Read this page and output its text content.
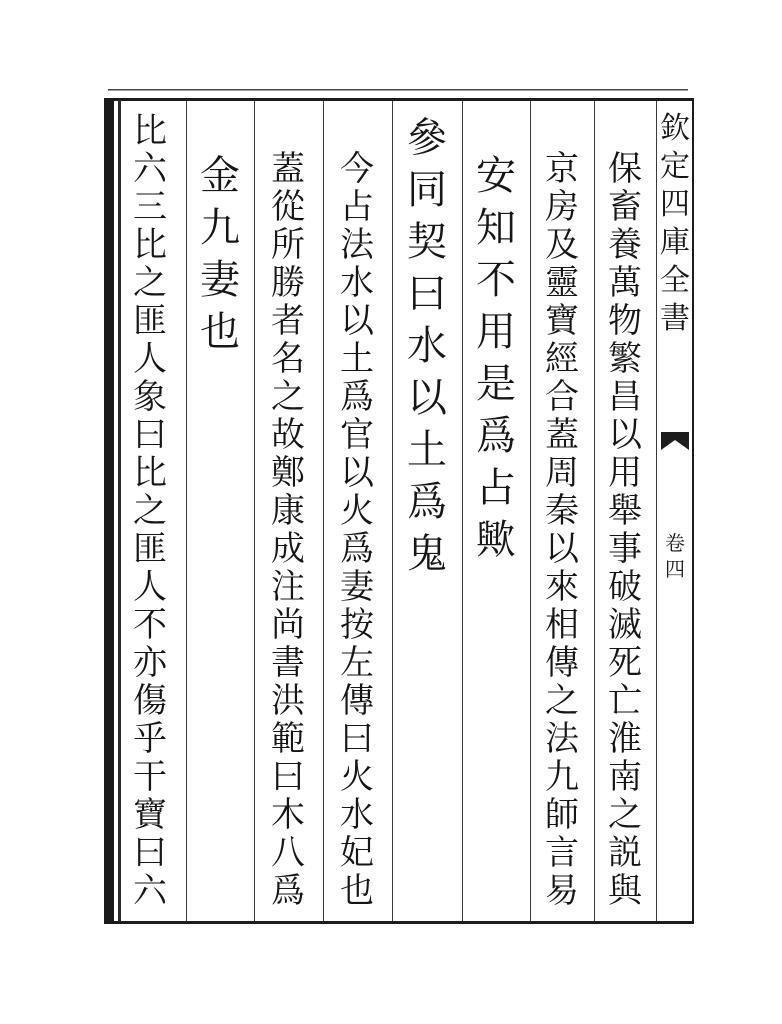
欽
定
四
庫
全
書
卷
四
保
畜
養
萬
物
繁
昌
以
用
舉
事
破
滅
死
亡
淮
南
之
説
與
京
房
及
靈
寶
經
合
蓋
周
秦
以
來
相
傳
之
法
九
師
言
易
安
知
不
用
是
爲
占
歟
參
同
契
曰
水
以
土
爲
鬼
今
占
法
水
以
土
爲
官
以
火
爲
妻
按
左
傳
曰
火
水
妃
也
蓋
從
所
勝
者
名
之
故
鄭
康
成
注
尚
書
洪
範
曰
木
八
爲
金
九
妻
也
比
六
三
比
之
匪
人
象
曰
比
之
匪
人
不
亦
傷
乎
干
寶
曰
六
